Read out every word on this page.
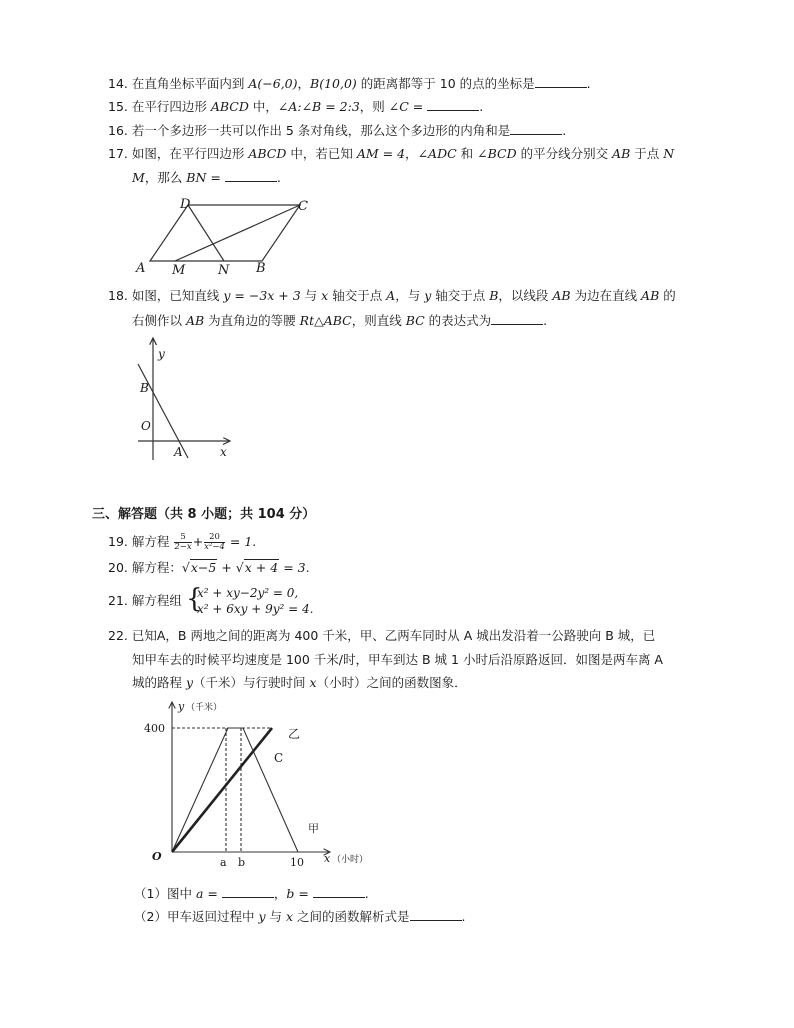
14. 在直角坐标平面内到 A(−6,0)，B(10,0) 的距离都等于 10 的点的坐标是	.
15. 在平行四边形 ABCD 中，∠A:∠B = 2:3，则 ∠C =	.
16. 若一个多边形一共可以作出 5 条对角线，那么这个多边形的内角和是	.
17. 如图，在平行四边形 ABCD 中，若已知 AM = 4，∠ADC 和 ∠BCD 的平分线分别交 AB 于点 N
M，那么 BN =	.
D	C
A M	N B
18. 如图，已知直线 y = −3x + 3 与 x 轴交于点 A，与 y 轴交于点 B，以线段 AB 为边在直线 AB 的
右侧作以 AB 为直角边的等腰 Rt△ABC，则直线 BC 的表达式为	.
y
B
O
A	x
三、解答题（共 8 小题；共 104 分）
19. 解方程 $\frac{5}{2-x} + \frac{20}{\text{x²−4}} = 1$.
20. 解方程：√x−5 + √x + 4 = 3.
21. 解方程组 {
x² + xy−2y² = 0,
x² + 6xy + 9y² = 4.
22. 已知A，B 两地之间的距离为 400 千米，甲、乙两车同时从 A 城出发沿着一公路驶向 B 城，已
知甲车去的时候平均速度是 100 千米/时，甲车到达 B 城 1 小时后沿原路返回．如图是两车离 A
城的路程 y（千米）与行驶时间 x（小时）之间的函数图象．
y （千米）
400	乙
C
甲
O	a b	10 x （小时）
（1）图中 a =	，b =	.
（2）甲车返回过程中 y 与 x 之间的函数解析式是	.
